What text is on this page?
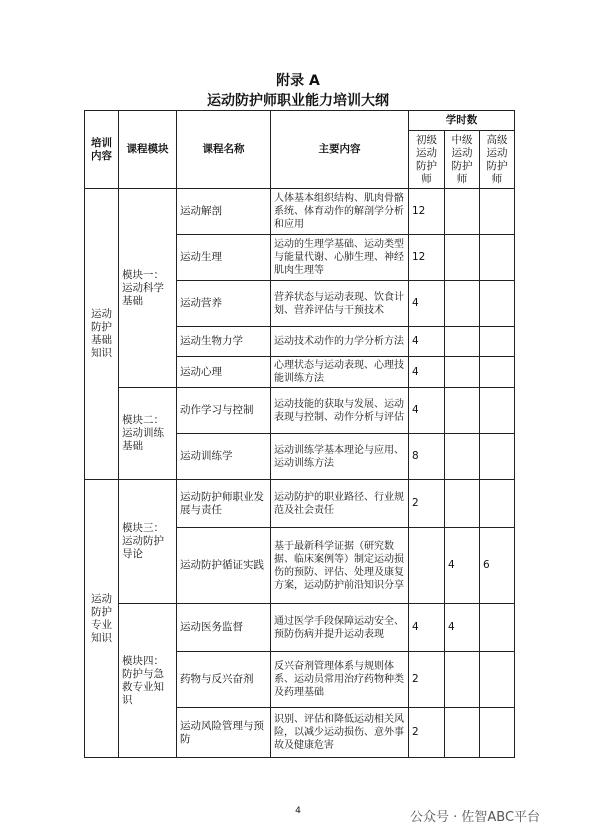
附录 A
运动防护师职业能力培训大纲
培训内容	课程模块	课程名称	主要内容	学时数		
				初级运动防护师	中级运动防护师	高级运动防护师
运动防护基础知识	模块一：运动科学基础	运动解剖	人体基本组织结构、肌肉骨骼系统、体育动作的解剖学分析和应用	12		
		运动生理	运动的生理学基础、运动类型与能量代谢、心肺生理、神经肌肉生理等	12		
		运动营养	营养状态与运动表现、饮食计划、营养评估与干预技术	4		
		运动生物力学	运动技术动作的力学分析方法	4		
		运动心理	心理状态与运动表现、心理技能训练方法	4		
	模块二：运动训练基础	动作学习与控制	运动技能的获取与发展、运动表现与控制、动作分析与评估	4		
		运动训练学	运动训练学基本理论与应用、运动训练方法	8		
运动防护专业知识	模块三：运动防护导论	运动防护师职业发展与责任	运动防护的职业路径、行业规范及社会责任	2		
		运动防护循证实践	基于最新科学证据（研究数据、临床案例等）制定运动损伤的预防、评估、处理及康复方案，运动防护前沿知识分享		4	6
	模块四：防护与急救专业知识	运动医务监督	通过医学手段保障运动安全、预防伤病并提升运动表现	4	4	
		药物与反兴奋剂	反兴奋剂管理体系与规则体系、运动员常用治疗药物种类及药理基础	2		
		运动风险管理与预防	识别、评估和降低运动相关风险，以减少运动损伤、意外事故及健康危害	2		
4	公众号 · 佐智ABC平台
